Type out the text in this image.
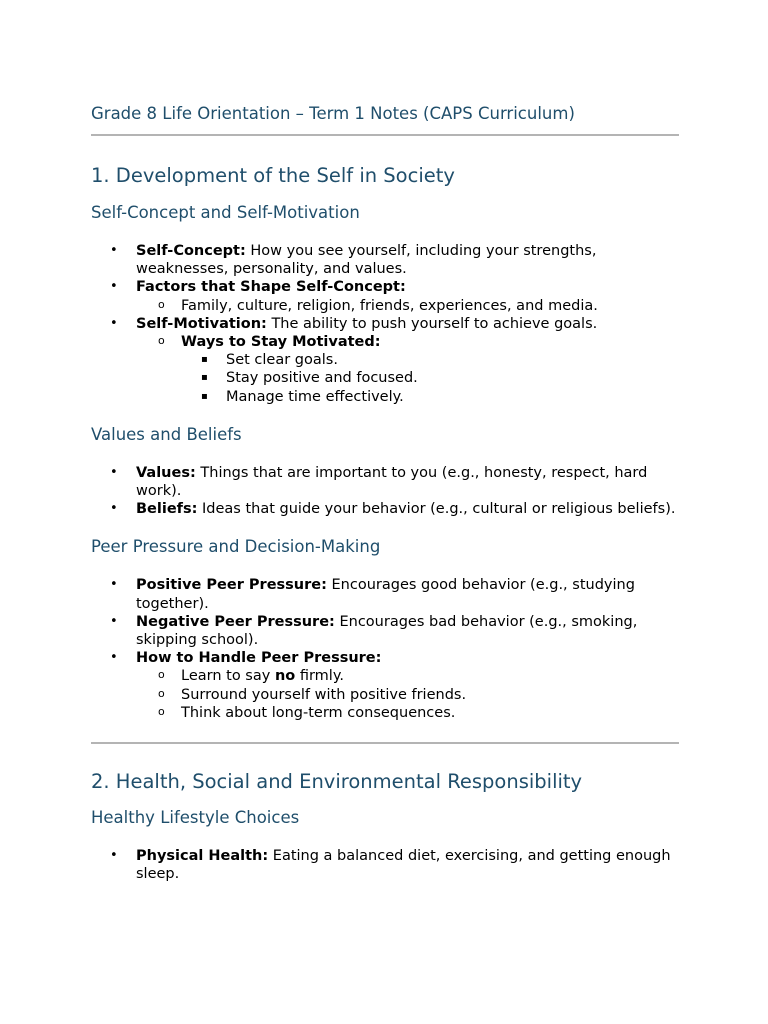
Grade 8 Life Orientation – Term 1 Notes (CAPS Curriculum)

1. Development of the Self in Society
Self-Concept and Self-Motivation
• Self-Concept: How you see yourself, including your strengths, weaknesses, personality, and values.
• Factors that Shape Self-Concept:
o Family, culture, religion, friends, experiences, and media.
• Self-Motivation: The ability to push yourself to achieve goals.
o Ways to Stay Motivated:
▪ Set clear goals.
▪ Stay positive and focused.
▪ Manage time effectively.
Values and Beliefs
• Values: Things that are important to you (e.g., honesty, respect, hard work).
• Beliefs: Ideas that guide your behavior (e.g., cultural or religious beliefs).
Peer Pressure and Decision-Making
• Positive Peer Pressure: Encourages good behavior (e.g., studying together).
• Negative Peer Pressure: Encourages bad behavior (e.g., smoking, skipping school).
• How to Handle Peer Pressure:
o Learn to say no firmly.
o Surround yourself with positive friends.
o Think about long-term consequences.
2. Health, Social and Environmental Responsibility
Healthy Lifestyle Choices
• Physical Health: Eating a balanced diet, exercising, and getting enough sleep.
